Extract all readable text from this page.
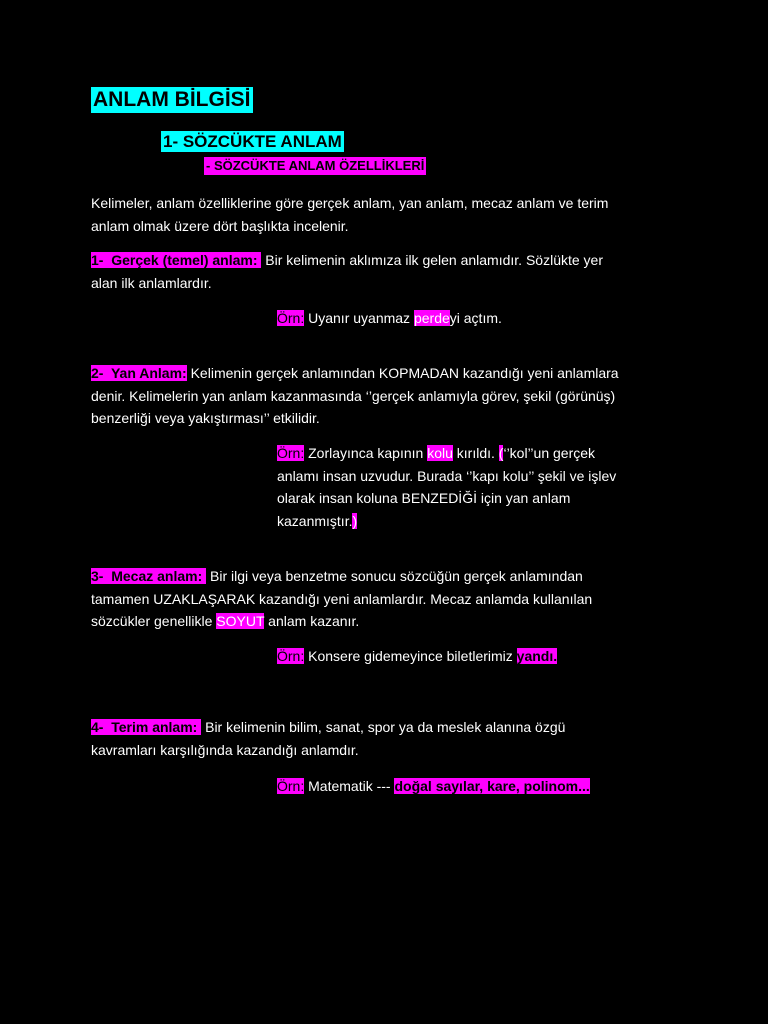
ANLAM BİLGİSİ
1- SÖZCÜKTE ANLAM
- SÖZCÜKTE ANLAM ÖZELLİKLERİ

Kelimeler, anlam özelliklerine göre gerçek anlam, yan anlam, mecaz anlam ve terim

anlam olmak üzere dört başlıkta incelenir.

1-  Gerçek (temel) anlam:  Bir kelimenin aklımıza ilk gelen anlamıdır. Sözlükte yer

alan ilk anlamlardır.

Örn: Uyanır uyanmaz perdeyi açtım.

2-  Yan Anlam: Kelimenin gerçek anlamından KOPMADAN kazandığı yeni anlamlara

denir. Kelimelerin yan anlam kazanmasında ‘’gerçek anlamıyla görev, şekil (görünüş)

benzerliği veya yakıştırması’’ etkilidir.

Örn: Zorlayınca kapının kolu kırıldı. (‘’kol’’un gerçek

anlamı insan uzvudur. Burada ‘’kapı kolu’’ şekil ve işlev

olarak insan koluna BENZEDİĞİ için yan anlam

kazanmıştır.)

3-  Mecaz anlam:  Bir ilgi veya benzetme sonucu sözcüğün gerçek anlamından

tamamen UZAKLAŞARAK kazandığı yeni anlamlardır. Mecaz anlamda kullanılan

sözcükler genellikle SOYUT anlam kazanır.

Örn: Konsere gidemeyince biletlerimiz yandı.

4-  Terim anlam:  Bir kelimenin bilim, sanat, spor ya da meslek alanına özgü

kavramları karşılığında kazandığı anlamdır.

Örn: Matematik --- doğal sayılar, kare, polinom...
